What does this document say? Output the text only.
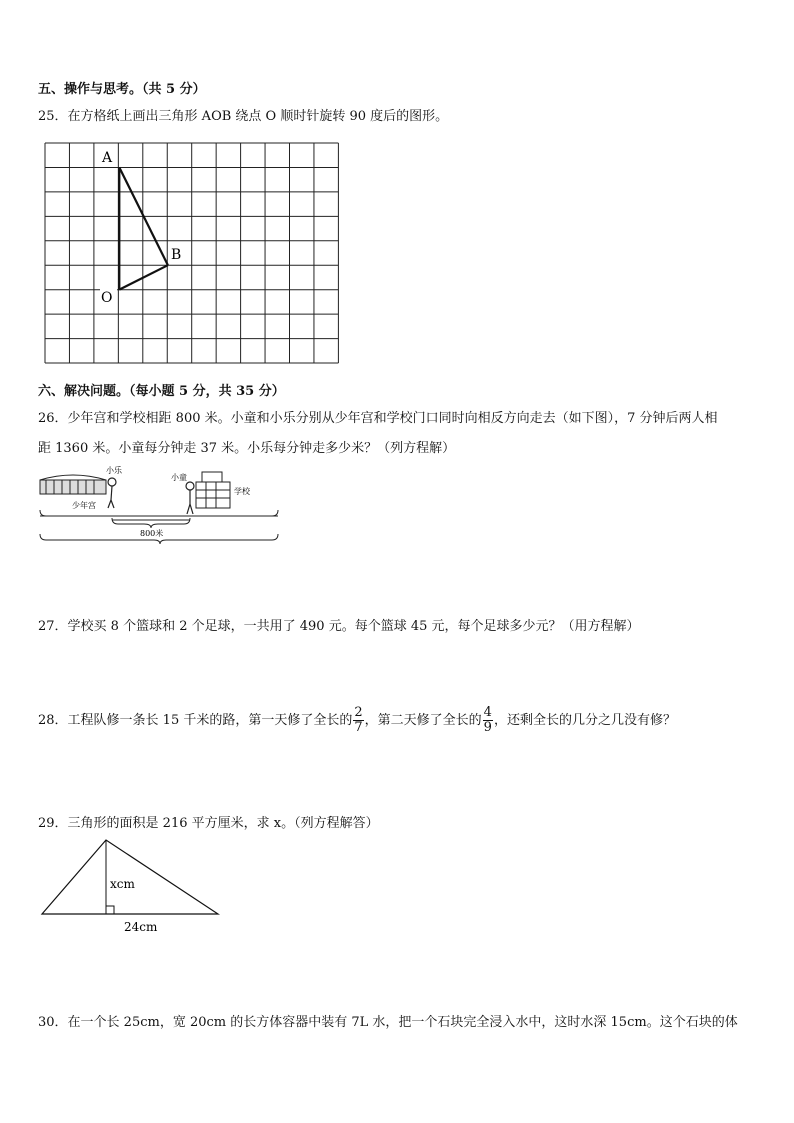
五、操作与思考。（共 5 分）
25．在方格纸上画出三角形 AOB 绕点 O 顺时针旋转 90 度后的图形。
A
B
O
六、解决问题。（每小题 5 分，共 35 分）
26．少年宫和学校相距 800 米。小童和小乐分别从少年宫和学校门口同时向相反方向走去（如下图），7 分钟后两人相
距 1360 米。小童每分钟走 37 米。小乐每分钟走多少米？（列方程解）
小乐
少年宫
小童
学校
800米
27．学校买 8 个篮球和 2 个足球，一共用了 490 元。每个篮球 45 元，每个足球多少元？（用方程解）
28．工程队修一条长 15 千米的路，第一天修了全长的 $\frac{2}{7}$ ，第二天修了全长的 $\frac{4}{9}$ ，还剩全长的几分之几没有修？
29．三角形的面积是 216 平方厘米，求 x。（列方程解答）
xcm
24cm
30．在一个长 25cm，宽 20cm 的长方体容器中装有 7L 水，把一个石块完全浸入水中，这时水深 15cm。这个石块的体
